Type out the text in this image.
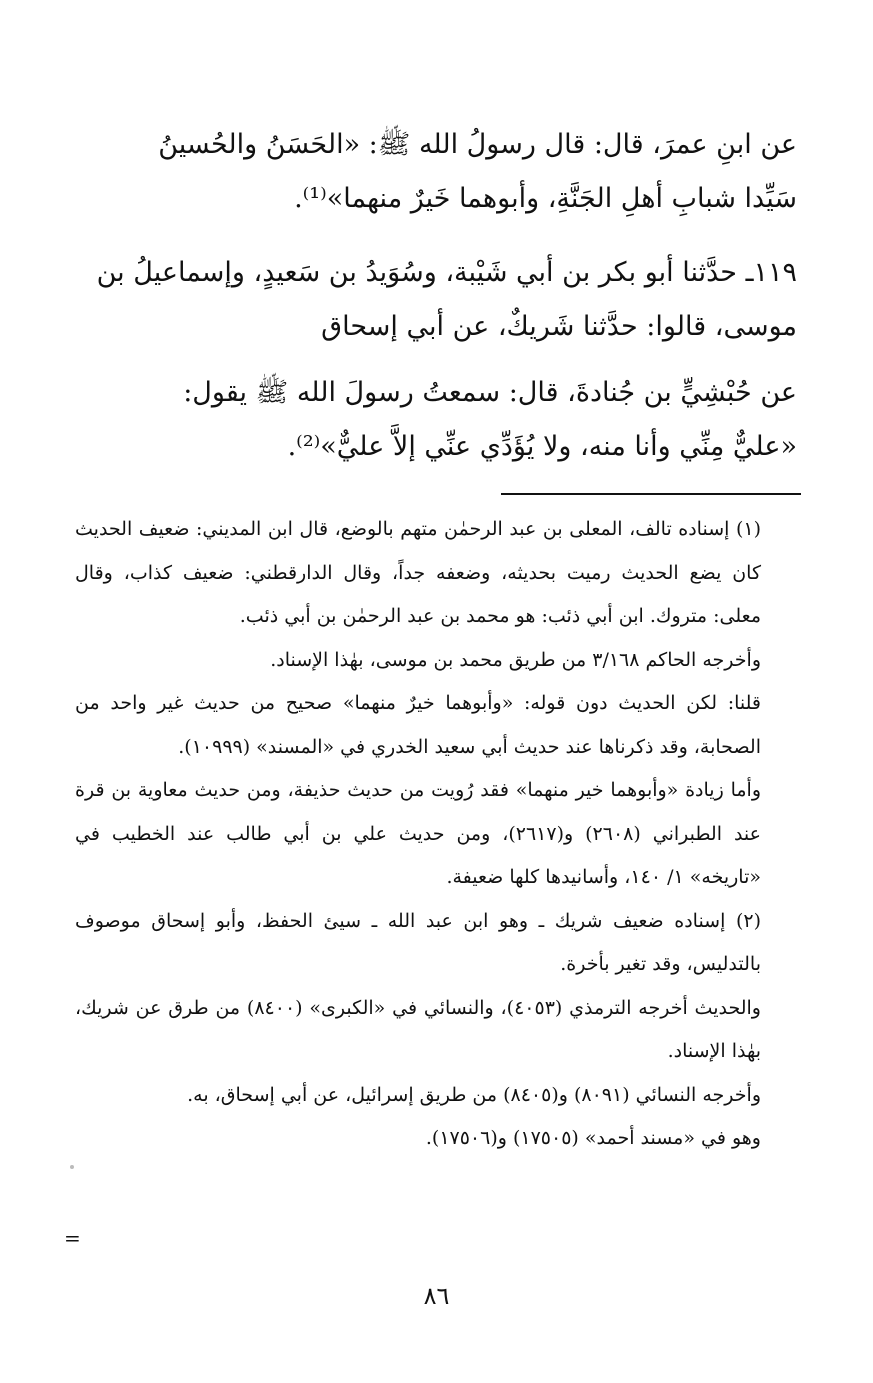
عن ابنِ عمرَ، قال: قال رسولُ الله ﷺ: «الحَسَنُ والحُسينُ

سَيِّدا شبابِ أهلِ الجَنَّةِ، وأبوهما خَيرٌ منهما»⁽¹⁾.

١١٩ـ حدَّثنا أبو بكر بن أبي شَيْبة، وسُوَيدُ بن سَعيدٍ، وإسماعيلُ بن

موسى، قالوا: حدَّثنا شَريكٌ، عن أبي إسحاق

عن حُبْشِيٍّ بن جُنادةَ، قال: سمعتُ رسولَ الله ﷺ يقول:

«عليٌّ مِنِّي وأنا منه، ولا يُؤَدِّي عنِّي إلاَّ عليٌّ»⁽²⁾.

(١) إسناده تالف، المعلى بن عبد الرحمٰن متهم بالوضع، قال ابن المديني: ضعيف الحديث كان يضع الحديث رميت بحديثه، وضعفه جداً، وقال الدارقطني: ضعيف كذاب، وقال معلى: متروك. ابن أبي ذئب: هو محمد بن عبد الرحمٰن بن أبي ذئب.

وأخرجه الحاكم ٣/١٦٨ من طريق محمد بن موسى، بهٰذا الإسناد.

قلنا: لكن الحديث دون قوله: «وأبوهما خيرٌ منهما» صحيح من حديث غير واحد من الصحابة، وقد ذكرناها عند حديث أبي سعيد الخدري في «المسند» (١٠٩٩٩).

وأما زيادة «وأبوهما خير منهما» فقد رُويت من حديث حذيفة، ومن حديث معاوية بن قرة عند الطبراني (٢٦٠٨) و(٢٦١٧)، ومن حديث علي بن أبي طالب عند الخطيب في «تاريخه» ١/ ١٤٠، وأسانيدها كلها ضعيفة.

(٢) إسناده ضعيف شريك ـ وهو ابن عبد الله ـ سيئ الحفظ، وأبو إسحاق موصوف بالتدليس، وقد تغير بأخرة.

والحديث أخرجه الترمذي (٤٠٥٣)، والنسائي في «الكبرى» (٨٤٠٠) من طرق عن شريك، بهٰذا الإسناد.

وأخرجه النسائي (٨٠٩١) و(٨٤٠٥) من طريق إسرائيل، عن أبي إسحاق، به.

وهو في «مسند أحمد» (١٧٥٠٥) و(١٧٥٠٦).

=
٨٦
